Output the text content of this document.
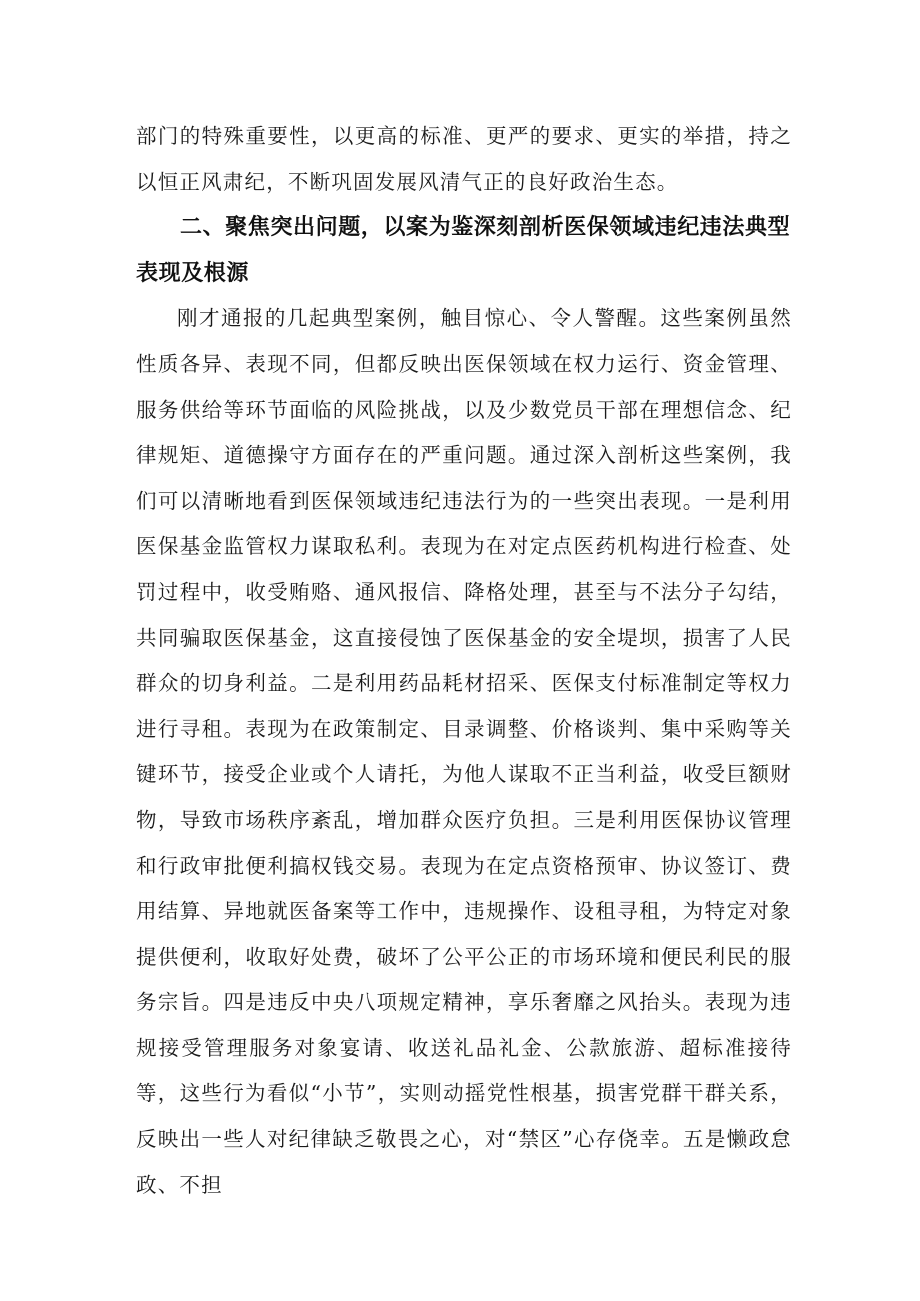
部门的特殊重要性，以更高的标准、更严的要求、更实的举措，持之以恒正风肃纪，不断巩固发展风清气正的良好政治生态。

二、聚焦突出问题，以案为鉴深刻剖析医保领域违纪违法典型表现及根源

刚才通报的几起典型案例，触目惊心、令人警醒。这些案例虽然性质各异、表现不同，但都反映出医保领域在权力运行、资金管理、服务供给等环节面临的风险挑战，以及少数党员干部在理想信念、纪律规矩、道德操守方面存在的严重问题。通过深入剖析这些案例，我们可以清晰地看到医保领域违纪违法行为的一些突出表现。一是利用医保基金监管权力谋取私利。表现为在对定点医药机构进行检查、处罚过程中，收受贿赂、通风报信、降格处理，甚至与不法分子勾结，共同骗取医保基金，这直接侵蚀了医保基金的安全堤坝，损害了人民群众的切身利益。二是利用药品耗材招采、医保支付标准制定等权力进行寻租。表现为在政策制定、目录调整、价格谈判、集中采购等关键环节，接受企业或个人请托，为他人谋取不正当利益，收受巨额财物，导致市场秩序紊乱，增加群众医疗负担。三是利用医保协议管理和行政审批便利搞权钱交易。表现为在定点资格预审、协议签订、费用结算、异地就医备案等工作中，违规操作、设租寻租，为特定对象提供便利，收取好处费，破坏了公平公正的市场环境和便民利民的服务宗旨。四是违反中央八项规定精神，享乐奢靡之风抬头。表现为违规接受管理服务对象宴请、收送礼品礼金、公款旅游、超标准接待等，这些行为看似“小节”，实则动摇党性根基，损害党群干群关系，反映出一些人对纪律缺乏敬畏之心，对“禁区”心存侥幸。五是懒政怠政、不担
